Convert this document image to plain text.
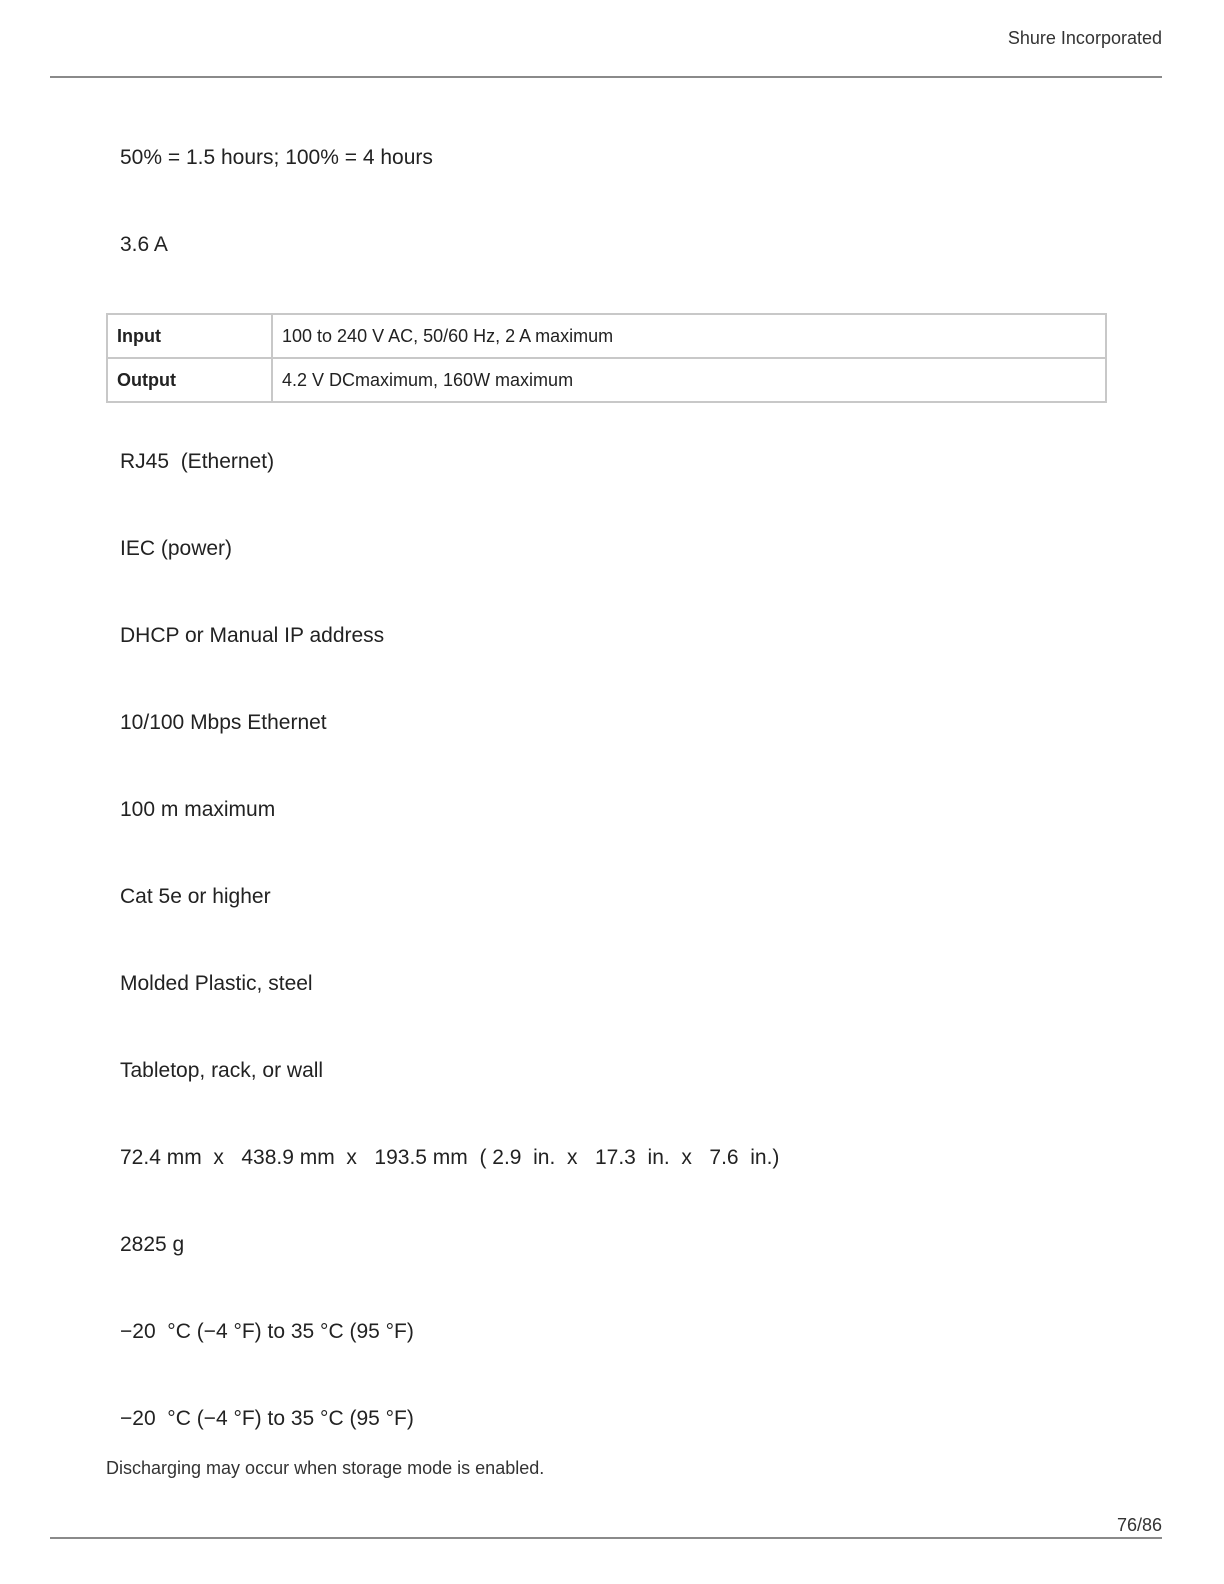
Shure Incorporated
50% = 1.5 hours; 100% = 4 hours
3.6 A
Input	100 to 240 V AC, 50/60 Hz, 2 A maximum
Output	4.2 V DCmaximum, 160W maximum
RJ45  (Ethernet)
IEC (power)
DHCP or Manual IP address
10/100 Mbps Ethernet
100 m maximum
Cat 5e or higher
Molded Plastic, steel
Tabletop, rack, or wall
72.4 mm  x   438.9 mm  x   193.5 mm  ( 2.9  in.  x   17.3  in.  x   7.6  in.)
2825 g
−20  °C (−4 °F) to 35 °C (95 °F)
−20  °C (−4 °F) to 35 °C (95 °F)
Discharging may occur when storage mode is enabled.
76/86
